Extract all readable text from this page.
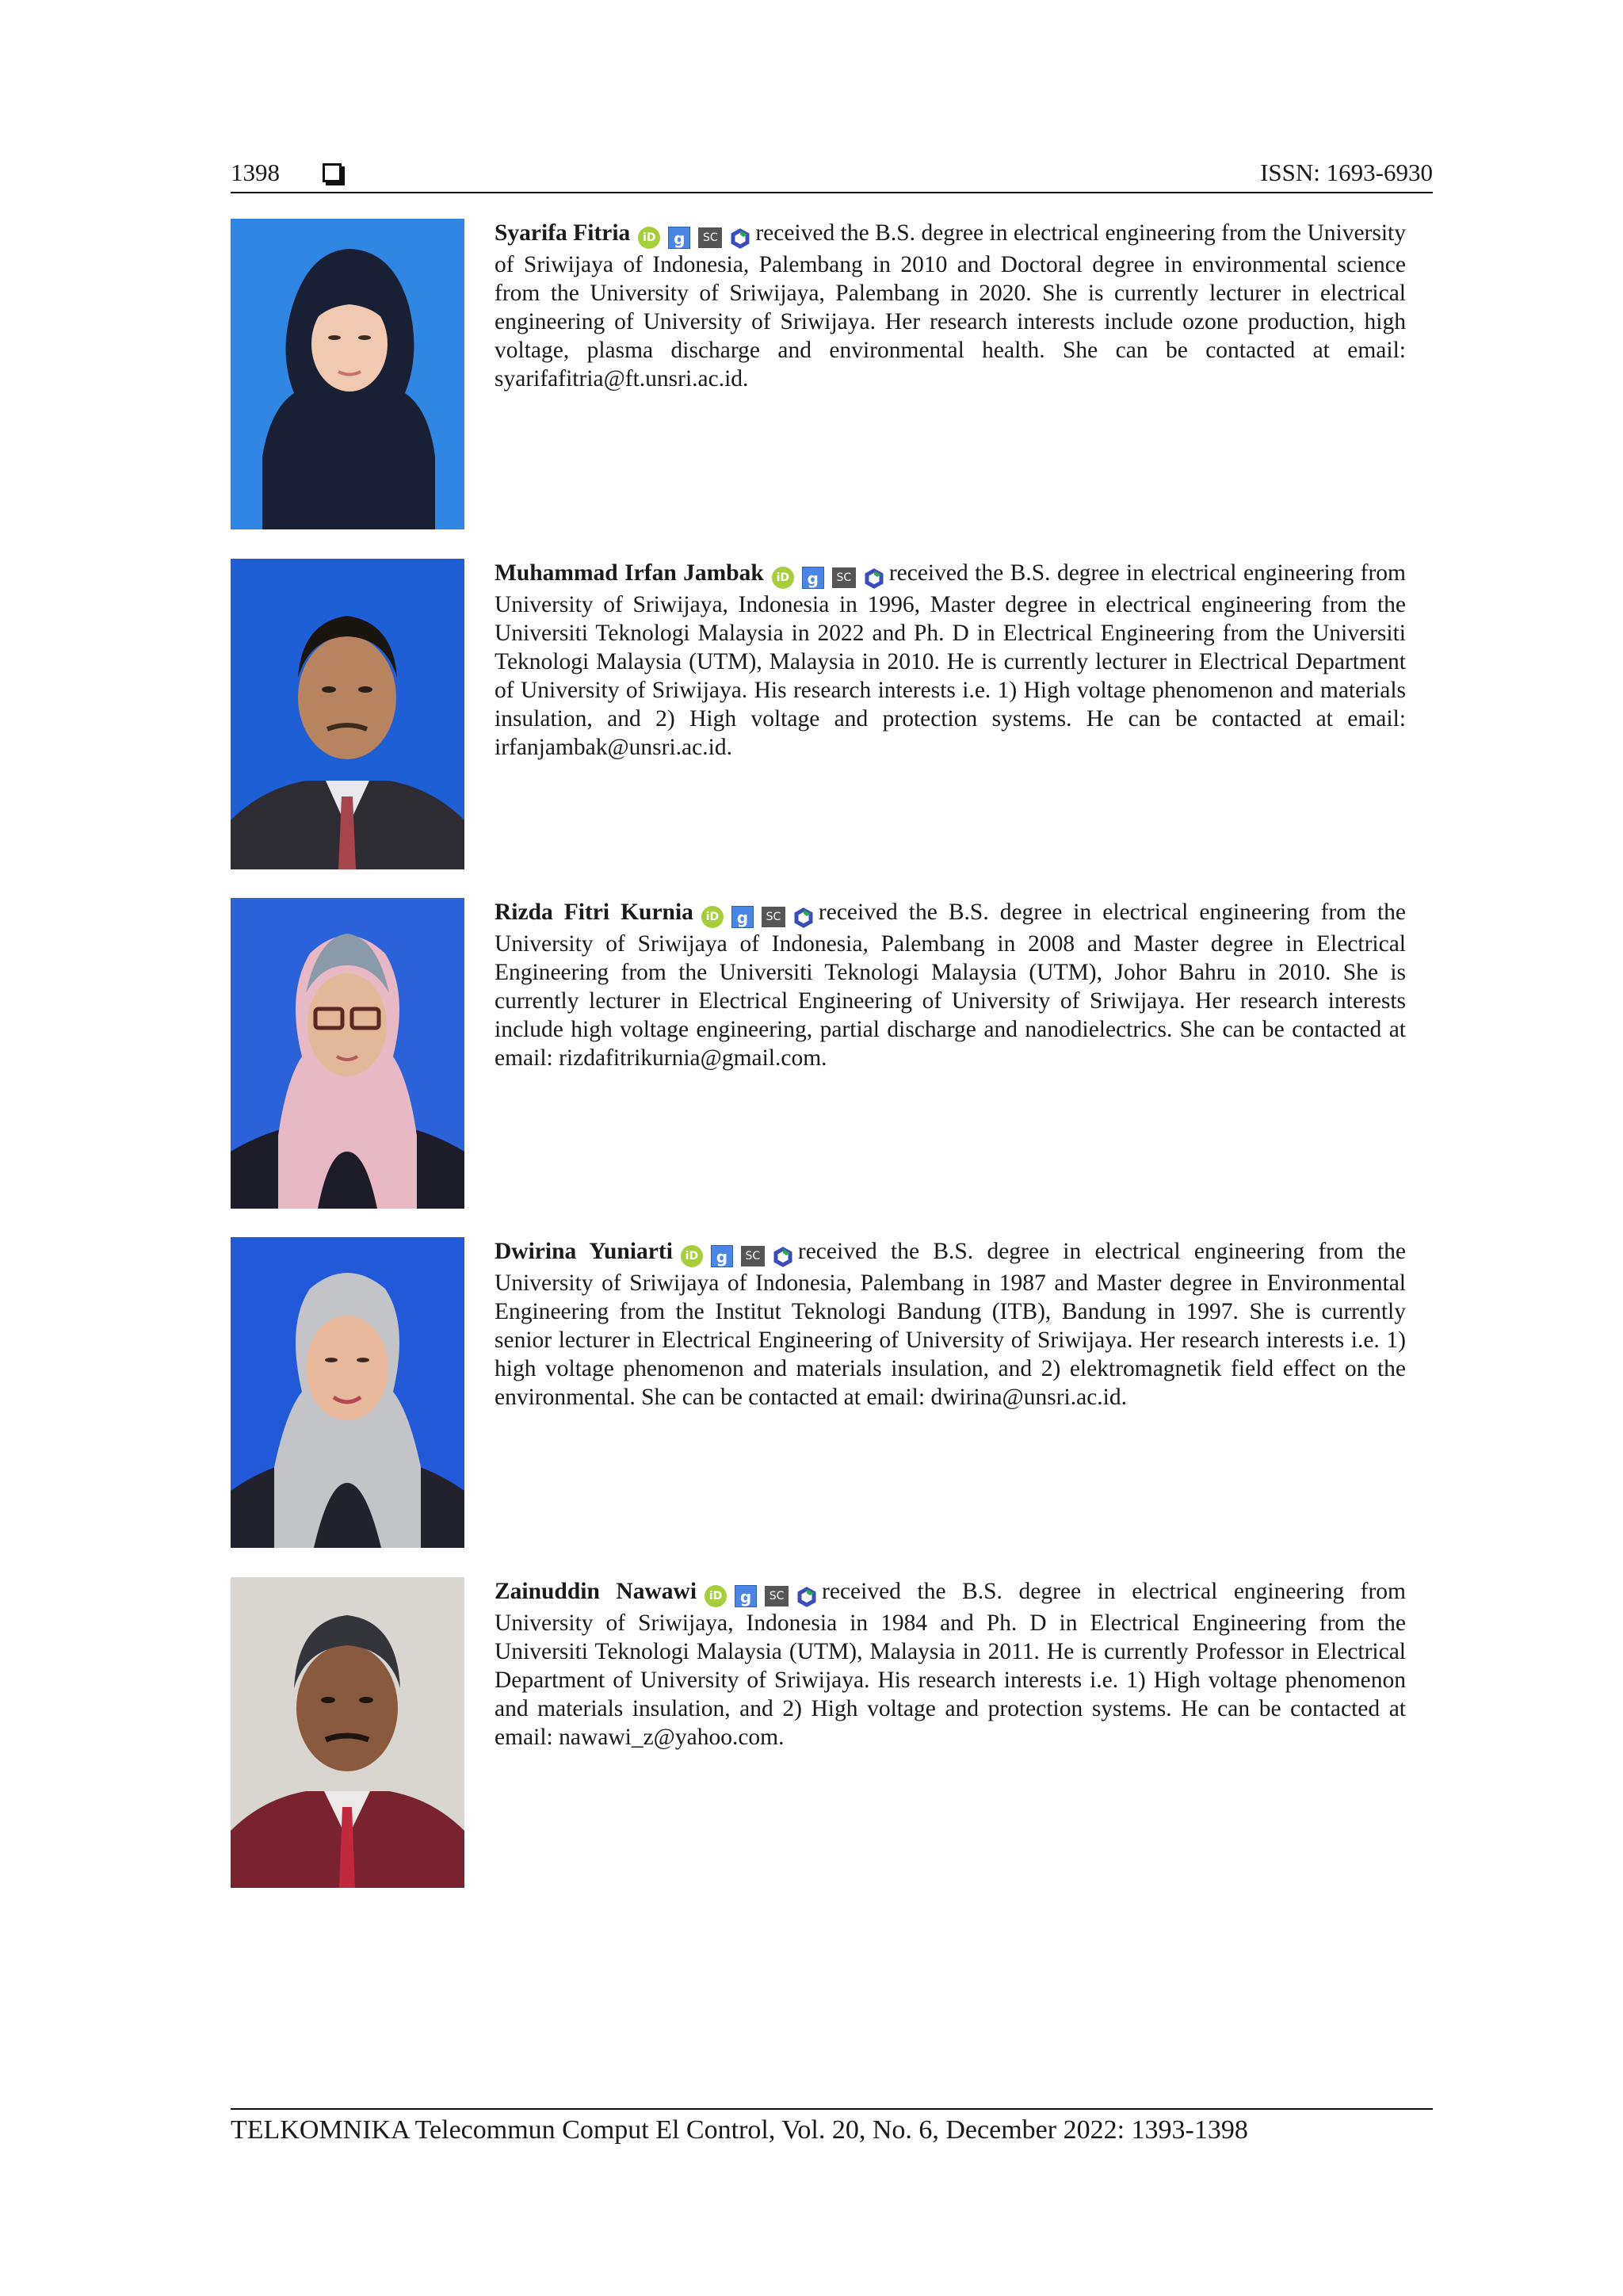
1398	ISSN: 1693-6930
Syarifa Fitria iD g SC received the B.S. degree in electrical engineering from the University of Sriwijaya of Indonesia, Palembang in 2010 and Doctoral degree in environmental science from the University of Sriwijaya, Palembang in 2020. She is currently lecturer in electrical engineering of University of Sriwijaya. Her research interests include ozone production, high voltage, plasma discharge and environmental health. She can be contacted at email: syarifafitria@ft.unsri.ac.id.
Muhammad Irfan Jambak iD g SC received the B.S. degree in electrical engineering from University of Sriwijaya, Indonesia in 1996, Master degree in electrical engineering from the Universiti Teknologi Malaysia in 2022 and Ph. D in Electrical Engineering from the Universiti Teknologi Malaysia (UTM), Malaysia in 2010. He is currently lecturer in Electrical Department of University of Sriwijaya. His research interests i.e. 1) High voltage phenomenon and materials insulation, and 2) High voltage and protection systems. He can be contacted at email: irfanjambak@unsri.ac.id.
Rizda Fitri Kurnia iD g SC received the B.S. degree in electrical engineering from the University of Sriwijaya of Indonesia, Palembang in 2008 and Master degree in Electrical Engineering from the Universiti Teknologi Malaysia (UTM), Johor Bahru in 2010. She is currently lecturer in Electrical Engineering of University of Sriwijaya. Her research interests include high voltage engineering, partial discharge and nanodielectrics. She can be contacted at email: rizdafitrikurnia@gmail.com.
Dwirina Yuniarti iD g SC received the B.S. degree in electrical engineering from the University of Sriwijaya of Indonesia, Palembang in 1987 and Master degree in Environmental Engineering from the Institut Teknologi Bandung (ITB), Bandung in 1997. She is currently senior lecturer in Electrical Engineering of University of Sriwijaya. Her research interests i.e. 1) high voltage phenomenon and materials insulation, and 2) elektromagnetik field effect on the environmental. She can be contacted at email: dwirina@unsri.ac.id.
Zainuddin Nawawi iD g SC received the B.S. degree in electrical engineering from University of Sriwijaya, Indonesia in 1984 and Ph. D in Electrical Engineering from the Universiti Teknologi Malaysia (UTM), Malaysia in 2011. He is currently Professor in Electrical Department of University of Sriwijaya. His research interests i.e. 1) High voltage phenomenon and materials insulation, and 2) High voltage and protection systems. He can be contacted at email: nawawi_z@yahoo.com.
TELKOMNIKA Telecommun Comput El Control, Vol. 20, No. 6, December 2022: 1393-1398
